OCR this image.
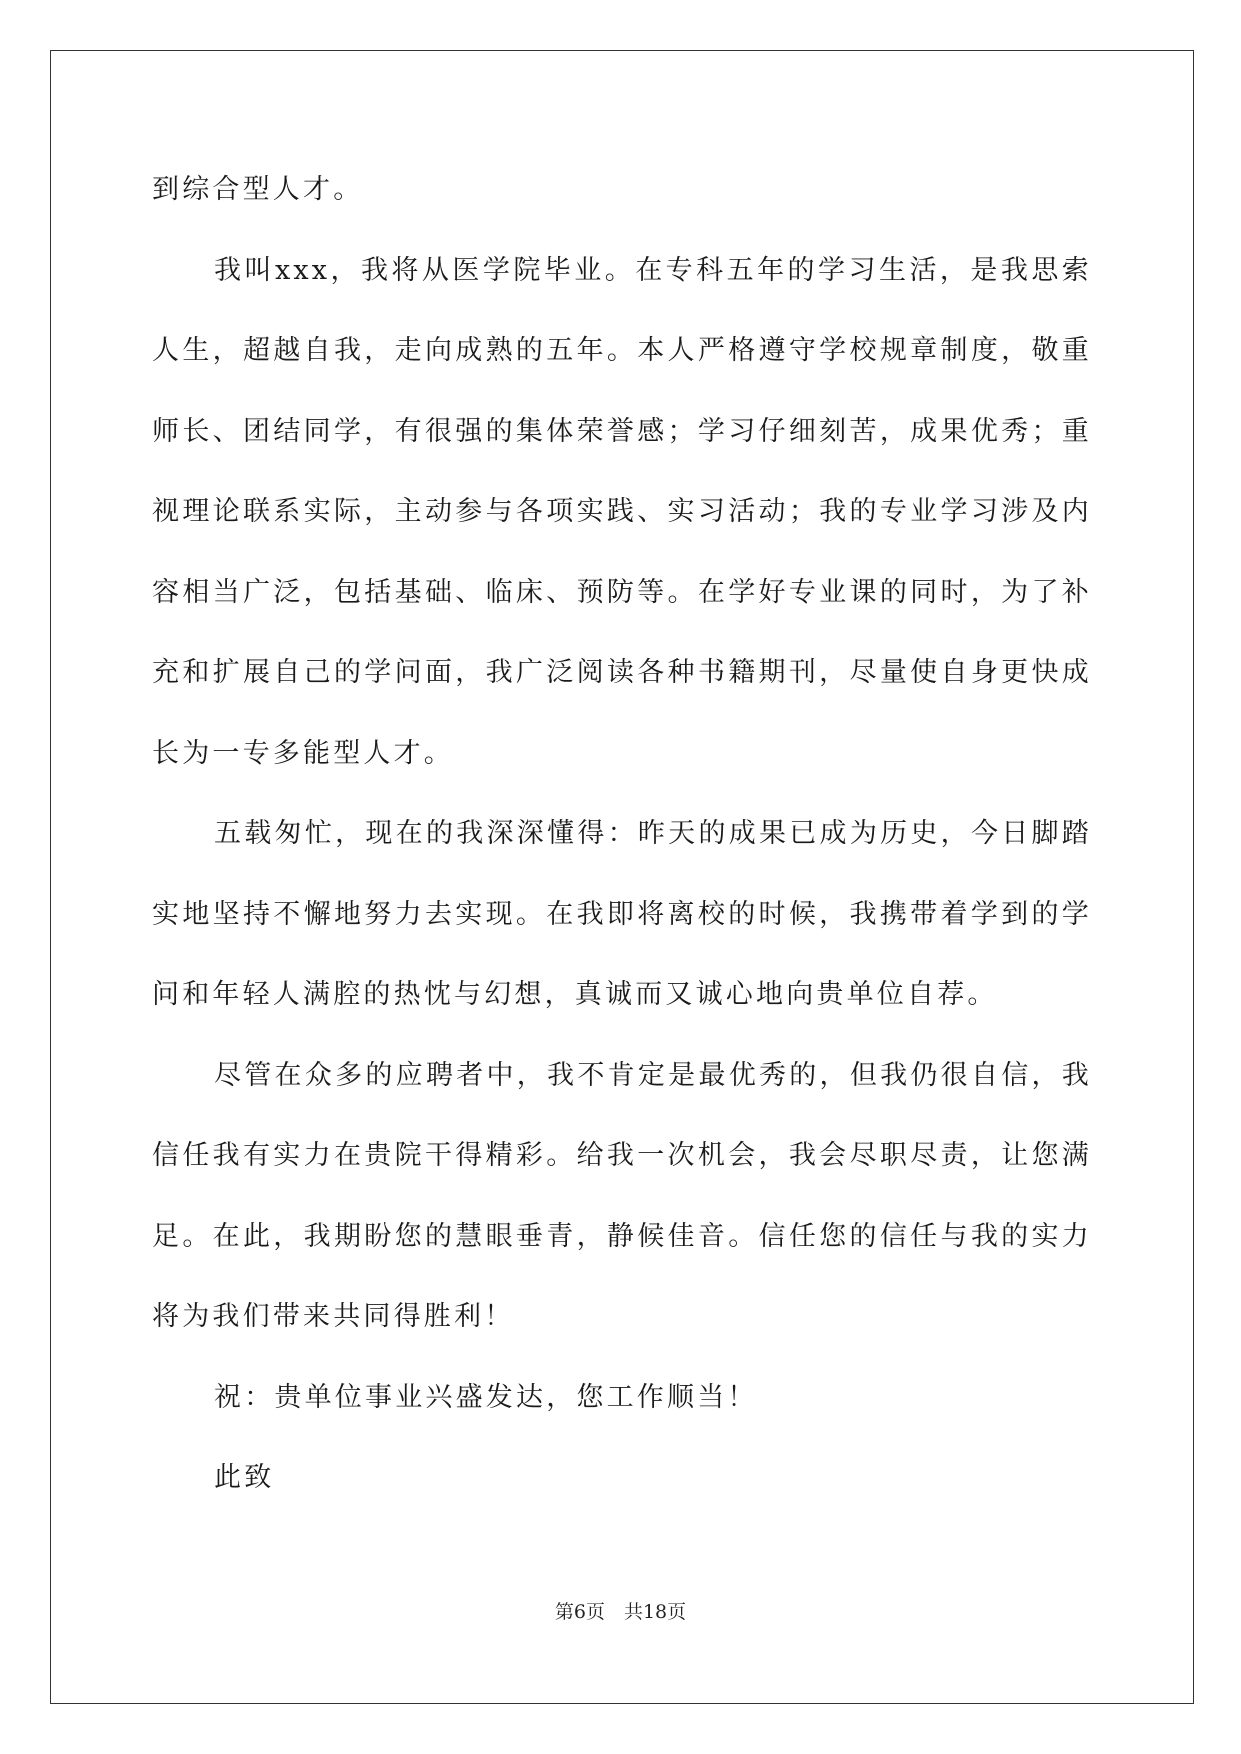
到综合型人才。

我叫xxx，我将从医学院毕业。在专科五年的学习生活，是我思索人生，超越自我，走向成熟的五年。本人严格遵守学校规章制度，敬重师长、团结同学，有很强的集体荣誉感；学习仔细刻苦，成果优秀；重视理论联系实际，主动参与各项实践、实习活动；我的专业学习涉及内容相当广泛，包括基础、临床、预防等。在学好专业课的同时，为了补充和扩展自己的学问面，我广泛阅读各种书籍期刊，尽量使自身更快成长为一专多能型人才。

五载匆忙，现在的我深深懂得：昨天的成果已成为历史，今日脚踏实地坚持不懈地努力去实现。在我即将离校的时候，我携带着学到的学问和年轻人满腔的热忱与幻想，真诚而又诚心地向贵单位自荐。

尽管在众多的应聘者中，我不肯定是最优秀的，但我仍很自信，我信任我有实力在贵院干得精彩。给我一次机会，我会尽职尽责，让您满足。在此，我期盼您的慧眼垂青，静候佳音。信任您的信任与我的实力将为我们带来共同得胜利！

祝：贵单位事业兴盛发达，您工作顺当！

此致

第6页　共18页
